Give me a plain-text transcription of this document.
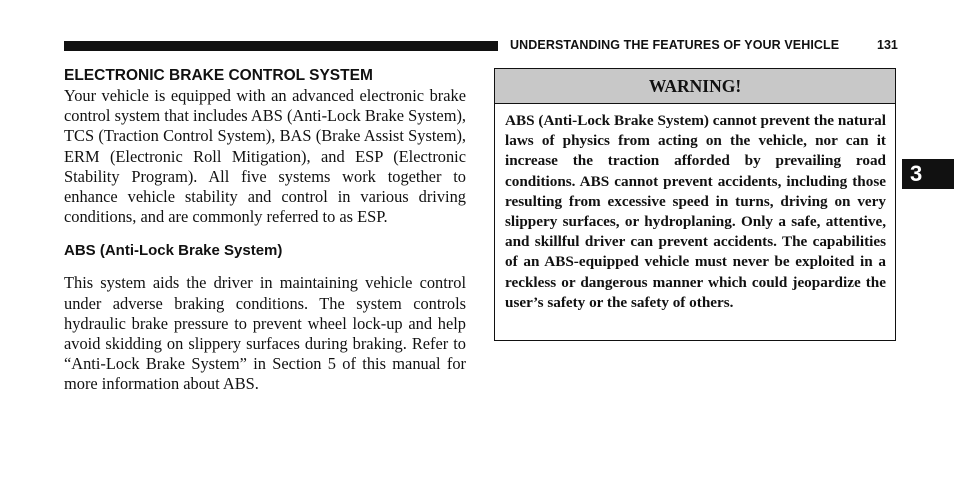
UNDERSTANDING THE FEATURES OF YOUR VEHICLE	131
ELECTRONIC BRAKE CONTROL SYSTEM

Your vehicle is equipped with an advanced electronic brake control system that includes ABS (Anti-Lock Brake System), TCS (Traction Control System), BAS (Brake Assist System), ERM (Electronic Roll Mitigation), and ESP (Electronic Stability Program). All five systems work together to enhance vehicle stability and control in various driving conditions, and are commonly referred to as ESP.

ABS (Anti-Lock Brake System)

This system aids the driver in maintaining vehicle control under adverse braking conditions. The system controls hydraulic brake pressure to prevent wheel lock-up and help avoid skidding on slippery surfaces during braking. Refer to “Anti-Lock Brake System” in Section 5 of this manual for more information about ABS.

WARNING!

ABS (Anti-Lock Brake System) cannot prevent the natural laws of physics from acting on the vehicle, nor can it increase the traction afforded by prevailing road conditions. ABS cannot prevent accidents, including those resulting from excessive speed in turns, driving on very slippery surfaces, or hydroplaning. Only a safe, attentive, and skillful driver can prevent accidents. The capabilities of an ABS-equipped vehicle must never be exploited in a reckless or dangerous manner which could jeopardize the user’s safety or the safety of others.

3
